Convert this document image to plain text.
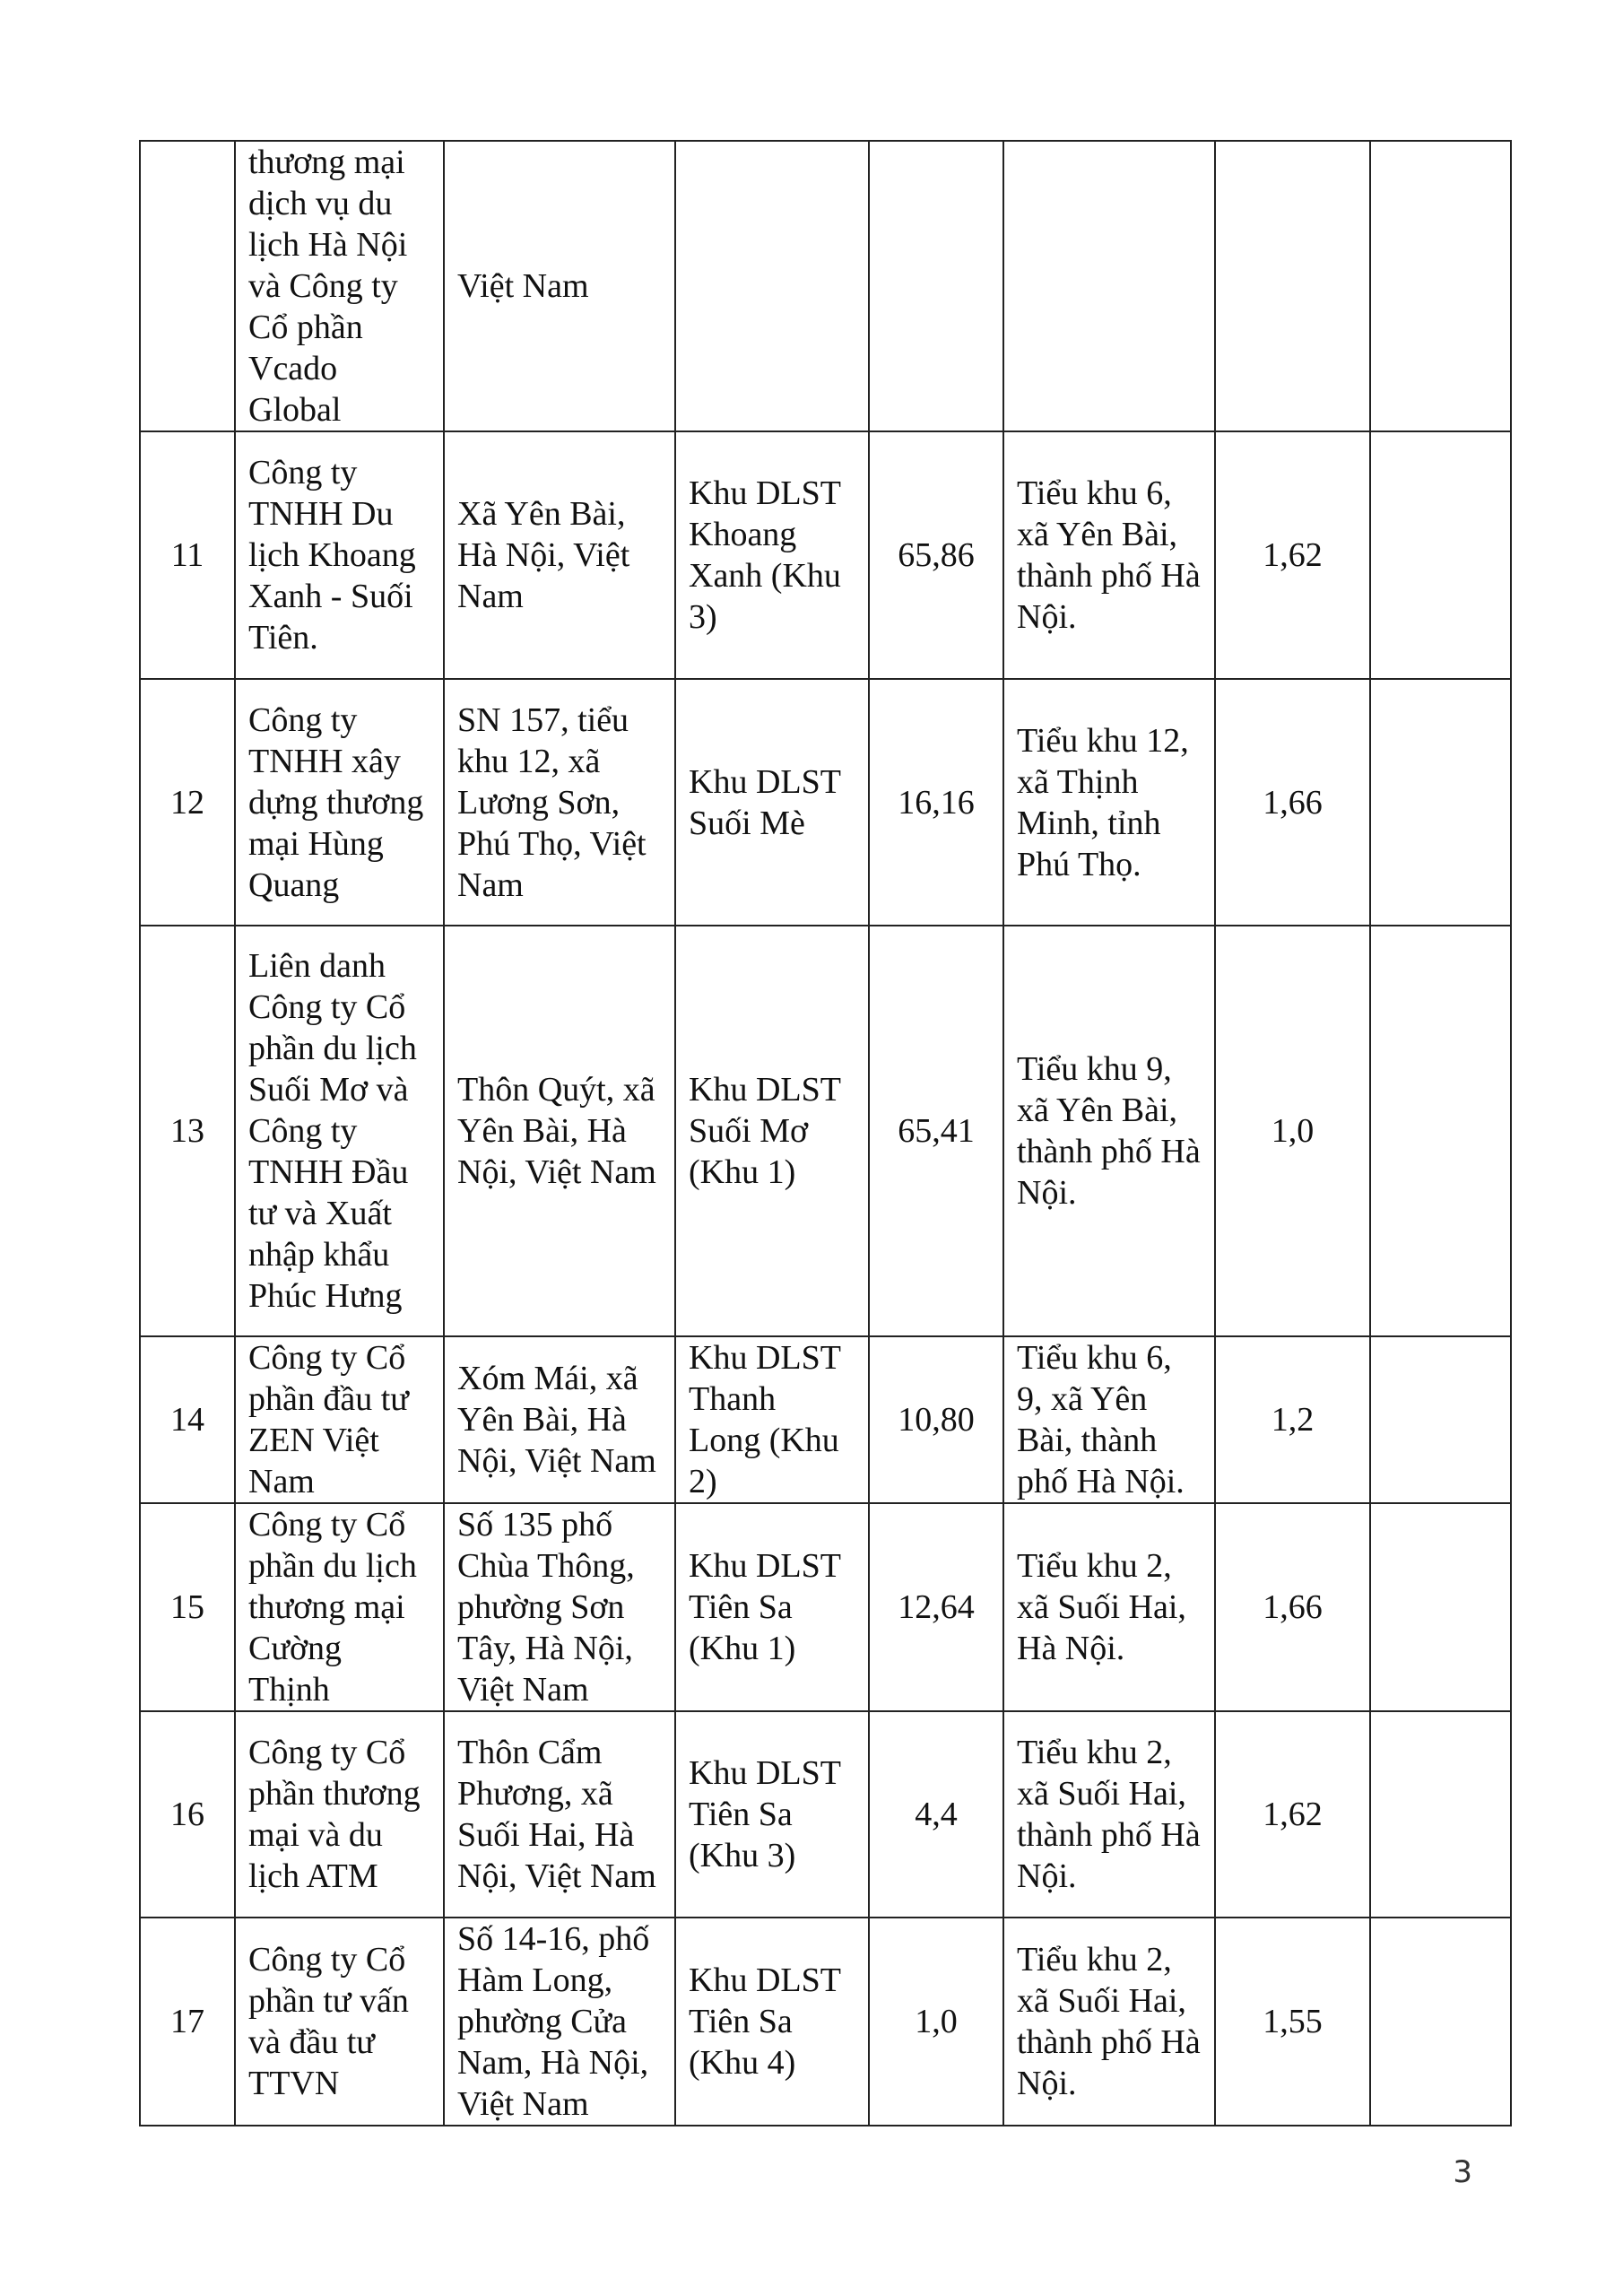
	thương mại dịch vụ du lịch Hà Nội và Công ty Cổ phần Vcado Global	Việt Nam					
11	Công ty TNHH Du lịch Khoang Xanh - Suối Tiên.	Xã Yên Bài, Hà Nội, Việt Nam	Khu DLST Khoang Xanh (Khu 3)	65,86	Tiểu khu 6, xã Yên Bài, thành phố Hà Nội.	1,62	
12	Công ty TNHH xây dựng thương mại Hùng Quang	SN 157, tiểu khu 12, xã Lương Sơn, Phú Thọ, Việt Nam	Khu DLST Suối Mè	16,16	Tiểu khu 12, xã Thịnh Minh, tỉnh Phú Thọ.	1,66	
13	Liên danh Công ty Cổ phần du lịch Suối Mơ và Công ty TNHH Đầu tư và Xuất nhập khẩu Phúc Hưng	Thôn Quýt, xã Yên Bài, Hà Nội, Việt Nam	Khu DLST Suối Mơ (Khu 1)	65,41	Tiểu khu 9, xã Yên Bài, thành phố Hà Nội.	1,0	
14	Công ty Cổ phần đầu tư ZEN Việt Nam	Xóm Mái, xã Yên Bài, Hà Nội, Việt Nam	Khu DLST Thanh Long (Khu 2)	10,80	Tiểu khu 6, 9, xã Yên Bài, thành phố Hà Nội.	1,2	
15	Công ty Cổ phần du lịch thương mại Cường Thịnh	Số 135 phố Chùa Thông, phường Sơn Tây, Hà Nội, Việt Nam	Khu DLST Tiên Sa (Khu 1)	12,64	Tiểu khu 2, xã Suối Hai, Hà Nội.	1,66	
16	Công ty Cổ phần thương mại và du lịch ATM	Thôn Cẩm Phương, xã Suối Hai, Hà Nội, Việt Nam	Khu DLST Tiên Sa (Khu 3)	4,4	Tiểu khu 2, xã Suối Hai, thành phố Hà Nội.	1,62	
17	Công ty Cổ phần tư vấn và đầu tư TTVN	Số 14-16, phố Hàm Long, phường Cửa Nam, Hà Nội, Việt Nam	Khu DLST Tiên Sa (Khu 4)	1,0	Tiểu khu 2, xã Suối Hai, thành phố Hà Nội.	1,55	
3
